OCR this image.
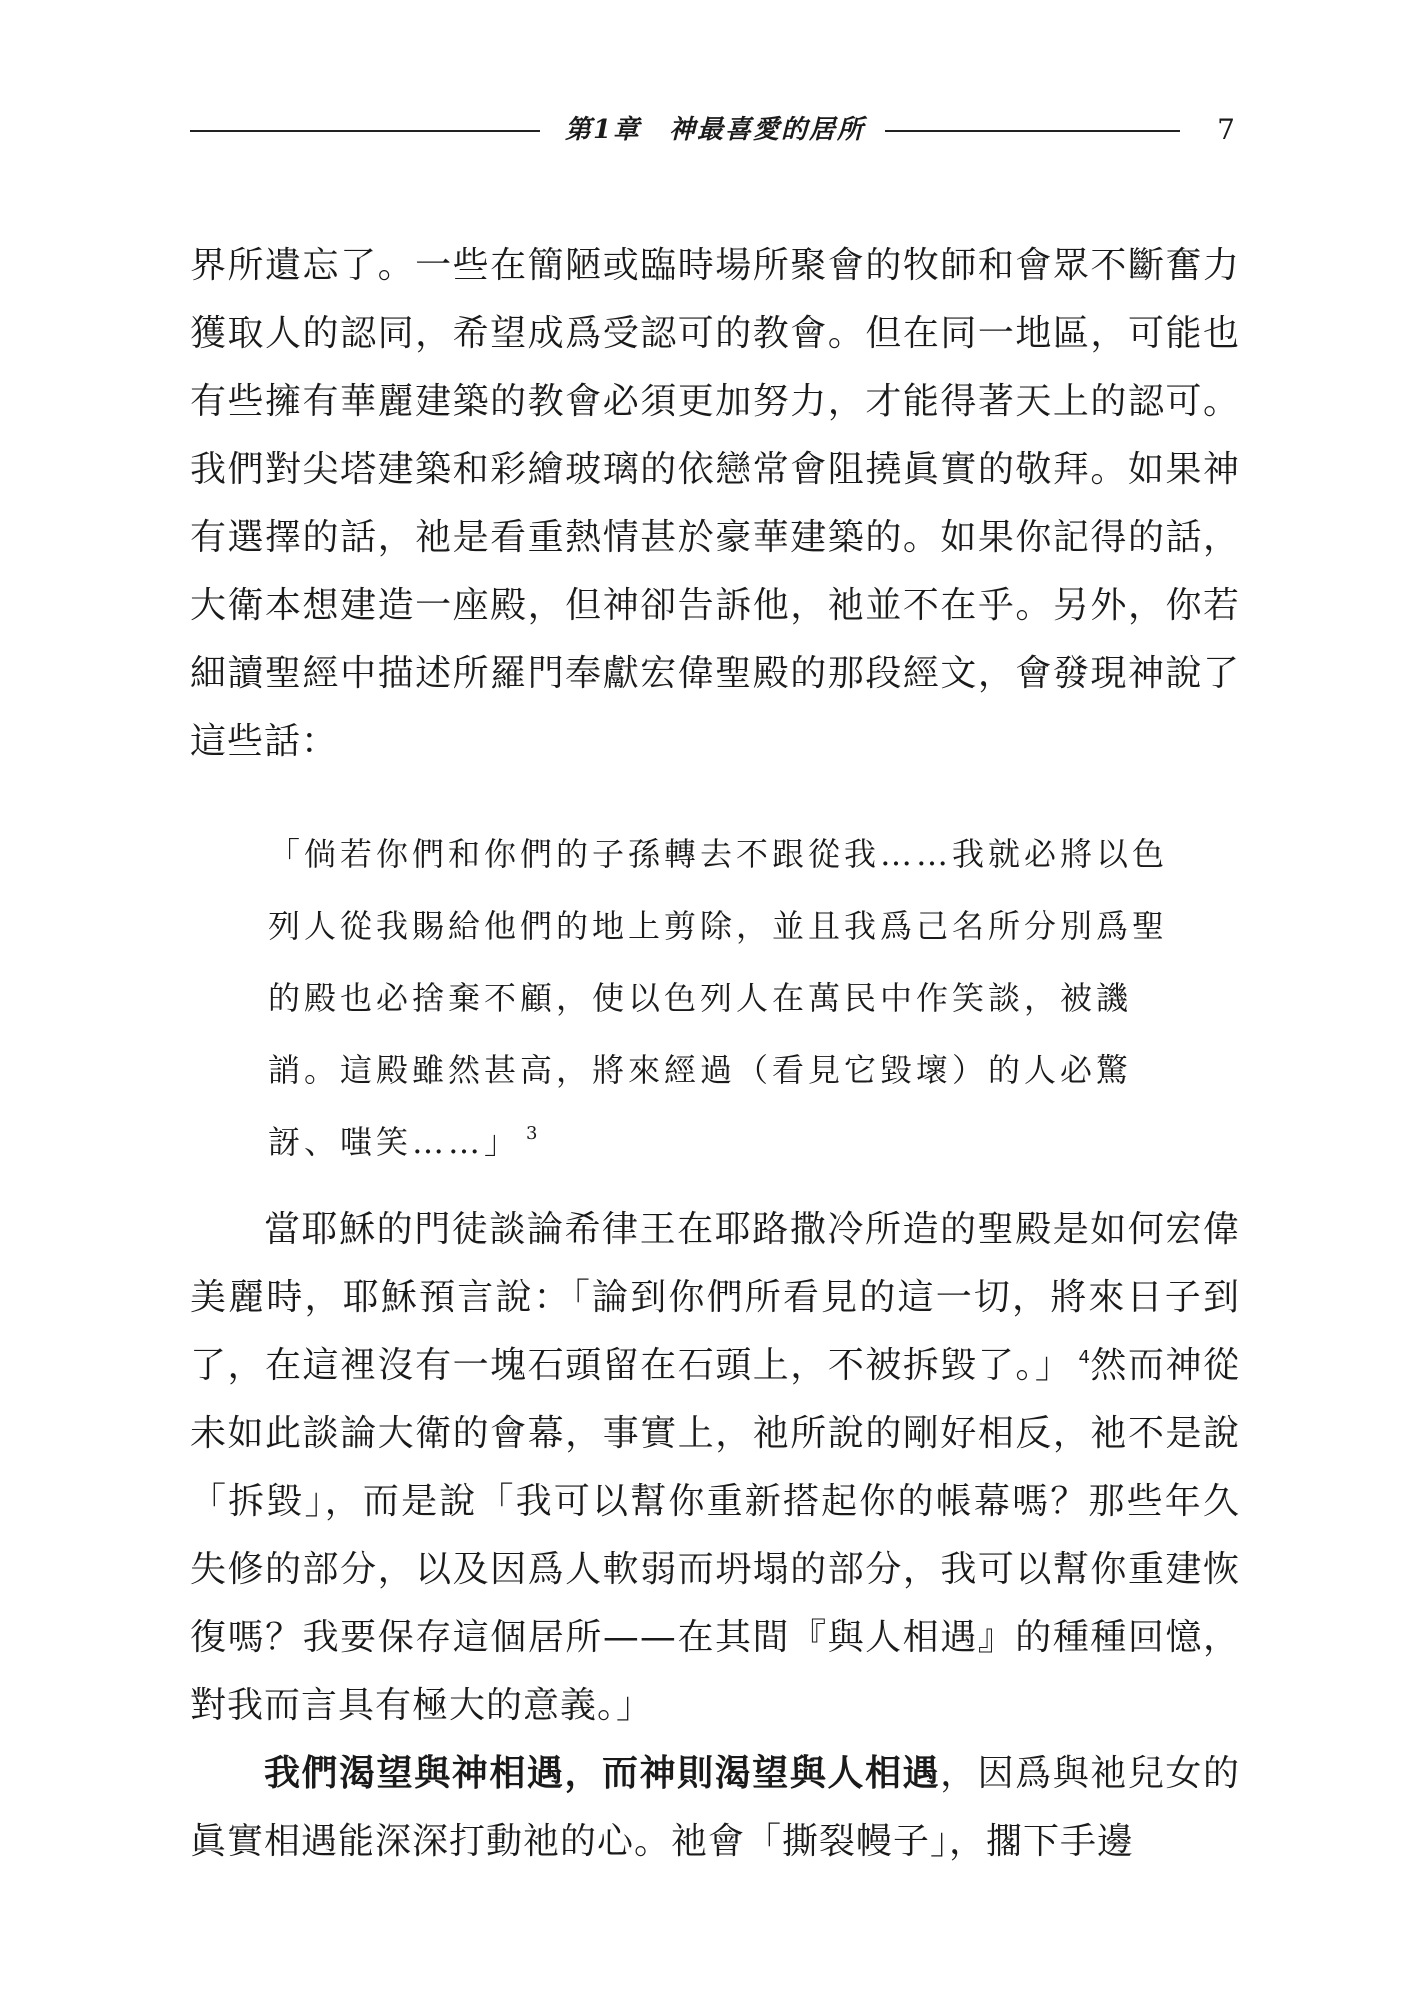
第1章　神最喜愛的居所	7

界所遺忘了。一些在簡陋或臨時場所聚會的牧師和會眾不斷奮力獲取人的認同，希望成爲受認可的教會。但在同一地區，可能也有些擁有華麗建築的教會必須更加努力，才能得著天上的認可。我們對尖塔建築和彩繪玻璃的依戀常會阻撓眞實的敬拜。如果神有選擇的話，祂是看重熱情甚於豪華建築的。如果你記得的話，大衛本想建造一座殿，但神卻告訴他，祂並不在乎。另外，你若細讀聖經中描述所羅門奉獻宏偉聖殿的那段經文，會發現神說了這些話：

「倘若你們和你們的子孫轉去不跟從我……我就必將以色列人從我賜給他們的地上剪除，並且我爲己名所分別爲聖的殿也必捨棄不顧，使以色列人在萬民中作笑談，被譏誚。這殿雖然甚高，將來經過（看見它毀壞）的人必驚訝、嗤笑……」 $^3$

當耶穌的門徒談論希律王在耶路撒冷所造的聖殿是如何宏偉美麗時，耶穌預言說：「論到你們所看見的這一切，將來日子到了，在這裡沒有一塊石頭留在石頭上，不被拆毀了。」 $^4$然而神從未如此談論大衛的會幕，事實上，祂所說的剛好相反，祂不是說「拆毀」，而是說「我可以幫你重新搭起你的帳幕嗎？那些年久失修的部分，以及因爲人軟弱而坍塌的部分，我可以幫你重建恢復嗎？我要保存這個居所——在其間『與人相遇』的種種回憶，對我而言具有極大的意義。」

我們渴望與神相遇，而神則渴望與人相遇，因爲與祂兒女的眞實相遇能深深打動祂的心。祂會「撕裂幔子」，擱下手邊
